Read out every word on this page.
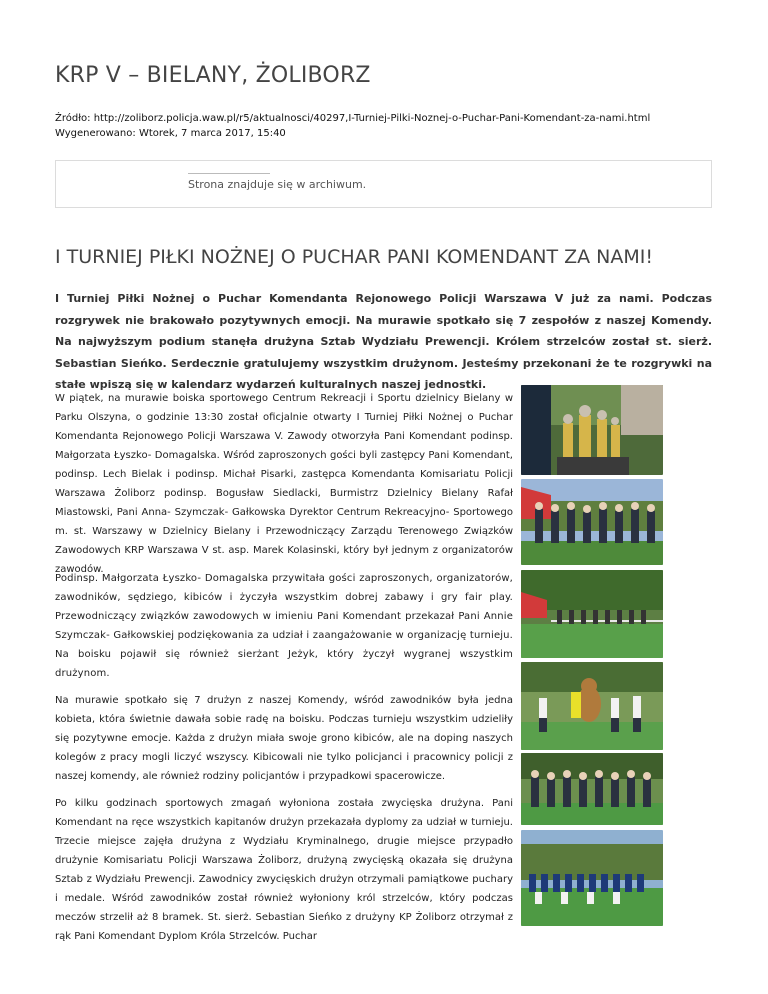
KRP V – BIELANY, ŻOLIBORZ
Źródło: http://zoliborz.policja.waw.pl/r5/aktualnosci/40297,I-Turniej-Pilki-Noznej-o-Puchar-Pani-Komendant-za-nami.html
Wygenerowano: Wtorek, 7 marca 2017, 15:40
Strona znajduje się w archiwum.
I TURNIEJ PIŁKI NOŻNEJ O PUCHAR PANI KOMENDANT ZA NAMI!

I Turniej Piłki Nożnej o Puchar Komendanta Rejonowego Policji Warszawa V już za nami. Podczas rozgrywek nie brakowało pozytywnych emocji. Na murawie spotkało się 7 zespołów z naszej Komendy. Na najwyższym podium stanęła drużyna Sztab Wydziału Prewencji. Królem strzelców został st. sierż. Sebastian Sieńko. Serdecznie gratulujemy wszystkim drużynom. Jesteśmy przekonani że te rozgrywki na stałe wpiszą się w kalendarz wydarzeń kulturalnych naszej jednostki.

W piątek, na murawie boiska sportowego Centrum Rekreacji i Sportu dzielnicy Bielany w Parku Olszyna, o godzinie 13:30 został oficjalnie otwarty I Turniej Piłki Nożnej o Puchar Komendanta Rejonowego Policji Warszawa V. Zawody otworzyła Pani Komendant podinsp. Małgorzata Łyszko- Domagalska. Wśród zaproszonych gości byli zastępcy Pani Komendant, podinsp. Lech Bielak i podinsp. Michał Pisarki, zastępca Komendanta Komisariatu Policji Warszawa Żoliborz podinsp. Bogusław Siedlacki, Burmistrz Dzielnicy Bielany Rafał Miastowski, Pani Anna- Szymczak- Gałkowska Dyrektor Centrum Rekreacyjno- Sportowego m. st. Warszawy w Dzielnicy Bielany i Przewodniczący Zarządu Terenowego Związków Zawodowych KRP Warszawa V st. asp. Marek Kolasinski, który był jednym z organizatorów zawodów.

Podinsp. Małgorzata Łyszko- Domagalska przywitała gości zaproszonych, organizatorów, zawodników, sędziego, kibiców i życzyła wszystkim dobrej zabawy i gry fair play. Przewodniczący związków zawodowych w imieniu Pani Komendant przekazał Pani Annie Szymczak- Gałkowskiej podziękowania za udział i zaangażowanie w organizację turnieju. Na boisku pojawił się również sierżant Jeżyk, który życzył wygranej wszystkim drużynom.

Na murawie spotkało się 7 drużyn z naszej Komendy, wśród zawodników była jedna kobieta, która świetnie dawała sobie radę na boisku. Podczas turnieju wszystkim udzieliły się pozytywne emocje. Każda z drużyn miała swoje grono kibiców, ale na doping naszych kolegów z pracy mogli liczyć wszyscy. Kibicowali nie tylko policjanci i pracownicy policji z naszej komendy, ale również rodziny policjantów i przypadkowi spacerowicze.

Po kilku godzinach sportowych zmagań wyłoniona została zwycięska drużyna. Pani Komendant na ręce wszystkich kapitanów drużyn przekazała dyplomy za udział w turnieju. Trzecie miejsce zajęła drużyna z Wydziału Kryminalnego, drugie miejsce przypadło drużynie Komisariatu Policji Warszawa Żoliborz, drużyną zwycięską okazała się drużyna Sztab z Wydziału Prewencji. Zawodnicy zwycięskich drużyn otrzymali pamiątkowe puchary i medale. Wśród zawodników został również wyłoniony król strzelców, który podczas meczów strzelił aż 8 bramek. St. sierż. Sebastian Sieńko z drużyny KP Żoliborz otrzymał z rąk Pani Komendant Dyplom Króla Strzelców. Puchar
